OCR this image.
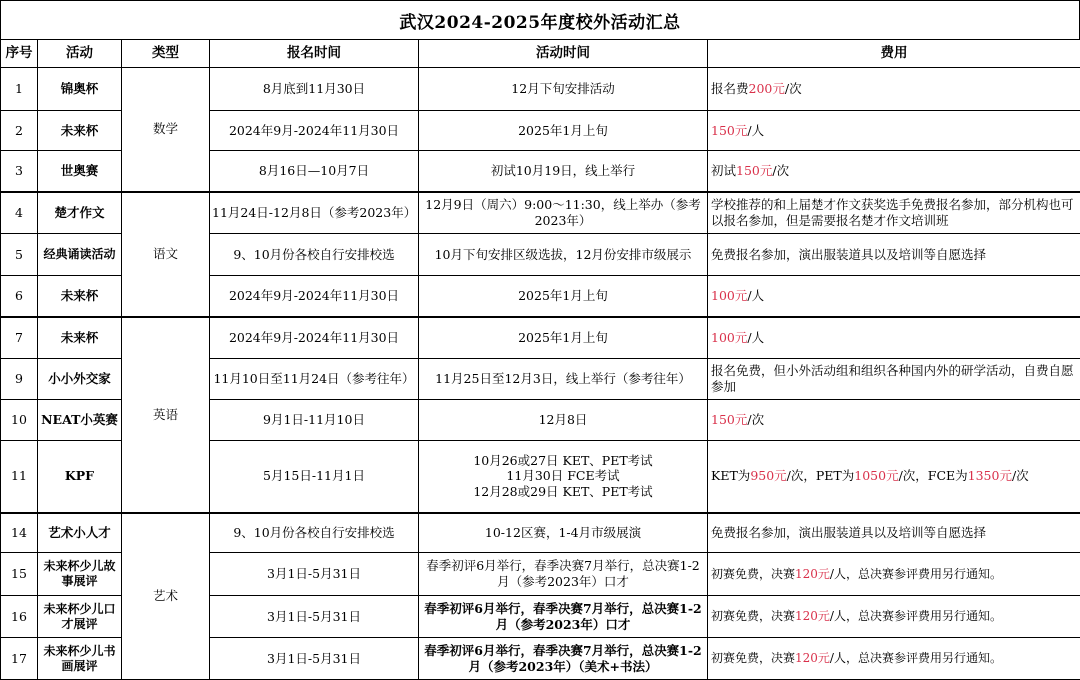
武汉2024-2025年度校外活动汇总
序号	活动	类型	报名时间	活动时间	费用
1	锦奥杯	数学	8月底到11月30日	12月下旬安排活动	报名费200元/次
2	未来杯		2024年9月-2024年11月30日	2025年1月上旬	150元/人
3	世奥赛		8月16日—10月7日	初试10月19日，线上举行	初试150元/次
4	楚才作文	语文	11月24日-12月8日（参考2023年）	12月9日（周六）9:00～11:30，线上举办（参考2023年）	学校推荐的和上届楚才作文获奖选手免费报名参加，部分机构也可以报名参加，但是需要报名楚才作文培训班
5	经典诵读活动		9、10月份各校自行安排校选	10月下旬安排区级选拔，12月份安排市级展示	免费报名参加，演出服装道具以及培训等自愿选择
6	未来杯		2024年9月-2024年11月30日	2025年1月上旬	100元/人
7	未来杯	英语	2024年9月-2024年11月30日	2025年1月上旬	100元/人
9	小小外交家		11月10日至11月24日（参考往年）	11月25日至12月3日，线上举行（参考往年）	报名免费，但小外活动组和组织各种国内外的研学活动，自费自愿参加
10	NEAT小英赛		9月1日-11月10日	12月8日	150元/次
11	KPF		5月15日-11月1日	10月26或27日 KET、PET考试
11月30日 FCE考试
12月28或29日 KET、PET考试	KET为950元/次，PET为1050元/次，FCE为1350元/次
14	艺术小人才	艺术	9、10月份各校自行安排校选	10-12区赛，1-4月市级展演	免费报名参加，演出服装道具以及培训等自愿选择
15	未来杯少儿故事展评		3月1日-5月31日	春季初评6月举行，春季决赛7月举行，总决赛1-2月（参考2023年）口才	初赛免费，决赛120元/人，总决赛参评费用另行通知。
16	未来杯少儿口才展评		3月1日-5月31日	春季初评6月举行，春季决赛7月举行，总决赛1-2月（参考2023年）口才	初赛免费，决赛120元/人，总决赛参评费用另行通知。
17	未来杯少儿书画展评		3月1日-5月31日	春季初评6月举行，春季决赛7月举行，总决赛1-2月（参考2023年）（美术+书法）	初赛免费，决赛120元/人，总决赛参评费用另行通知。
